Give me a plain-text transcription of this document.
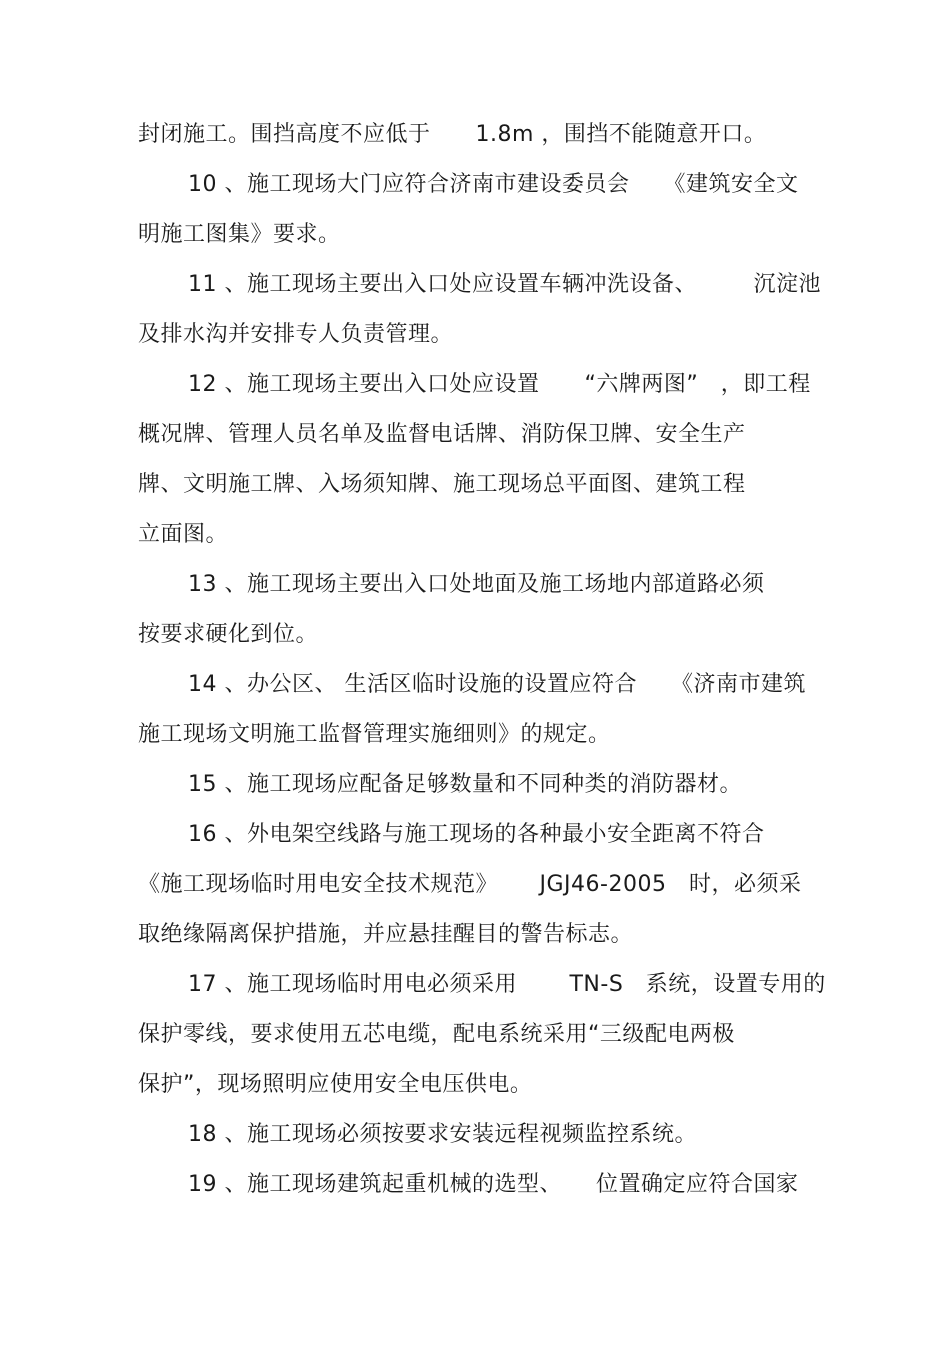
封闭施工。围挡高度不应低于　　1.8m ，围挡不能随意开口。
10 、施工现场大门应符合济南市建设委员会　　《建筑安全文
明施工图集》要求。
11 、施工现场主要出入口处应设置车辆冲洗设备、　　　沉淀池
及排水沟并安排专人负责管理。
12 、施工现场主要出入口处应设置　　“六牌两图”　，即工程
概况牌、管理人员名单及监督电话牌、消防保卫牌、安全生产
牌、文明施工牌、入场须知牌、施工现场总平面图、建筑工程
立面图。
13 、施工现场主要出入口处地面及施工场地内部道路必须
按要求硬化到位。
14 、办公区、 生活区临时设施的设置应符合　　《济南市建筑
施工现场文明施工监督管理实施细则》的规定。
15 、施工现场应配备足够数量和不同种类的消防器材。
16 、外电架空线路与施工现场的各种最小安全距离不符合
《施工现场临时用电安全技术规范》　　 JGJ46-2005　时，必须采
取绝缘隔离保护措施，并应悬挂醒目的警告标志。
17 、施工现场临时用电必须采用　　 TN-S　系统，设置专用的
保护零线，要求使用五芯电缆，配电系统采用“三级配电两极
保护”，现场照明应使用安全电压供电。
18 、施工现场必须按要求安装远程视频监控系统。
19 、施工现场建筑起重机械的选型、　　位置确定应符合国家
